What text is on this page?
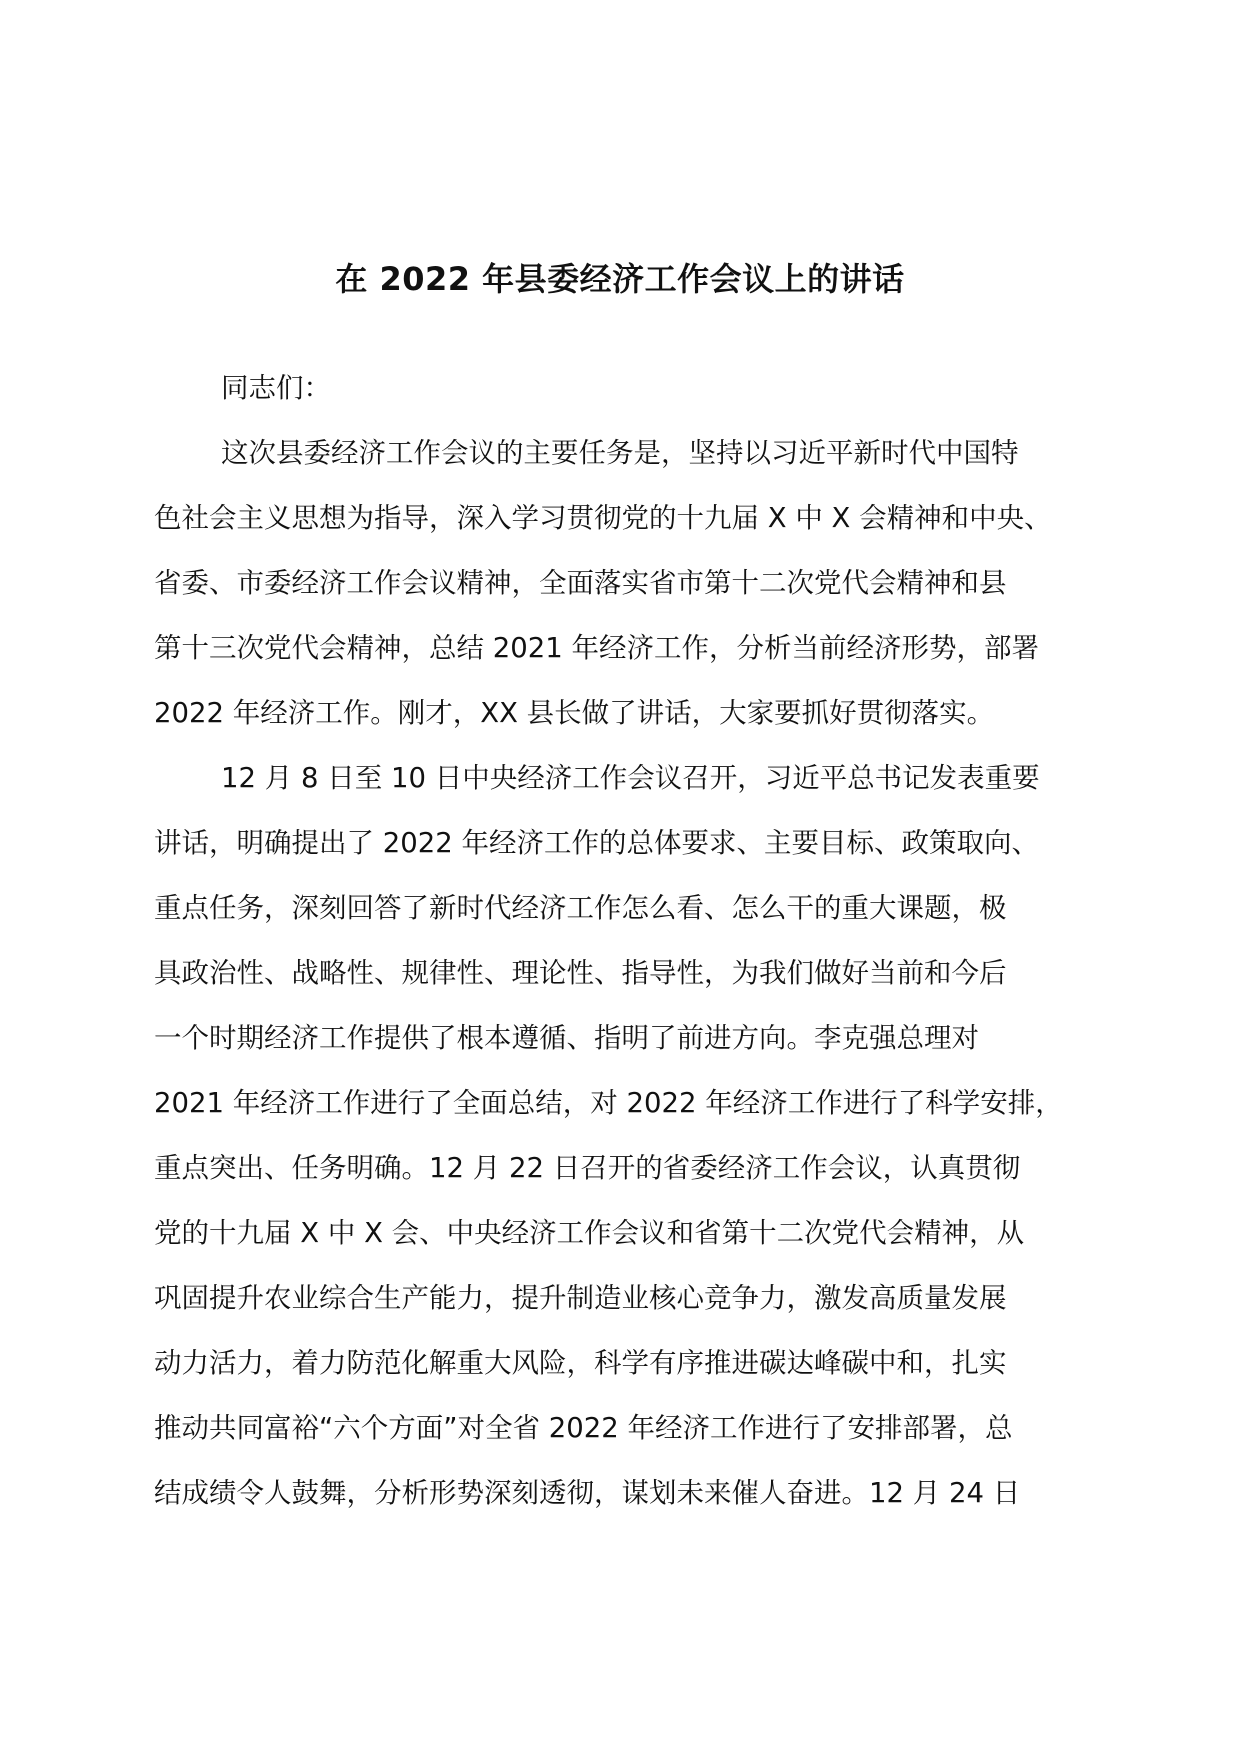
在 2022 年县委经济工作会议上的讲话
同志们：
这次县委经济工作会议的主要任务是，坚持以习近平新时代中国特
色社会主义思想为指导，深入学习贯彻党的十九届 X 中 X 会精神和中央、
省委、市委经济工作会议精神，全面落实省市第十二次党代会精神和县
第十三次党代会精神，总结 2021 年经济工作，分析当前经济形势，部署
2022 年经济工作。刚才，XX 县长做了讲话，大家要抓好贯彻落实。
12 月 8 日至 10 日中央经济工作会议召开，习近平总书记发表重要
讲话，明确提出了 2022 年经济工作的总体要求、主要目标、政策取向、
重点任务，深刻回答了新时代经济工作怎么看、怎么干的重大课题，极
具政治性、战略性、规律性、理论性、指导性，为我们做好当前和今后
一个时期经济工作提供了根本遵循、指明了前进方向。李克强总理对
2021 年经济工作进行了全面总结，对 2022 年经济工作进行了科学安排，
重点突出、任务明确。12 月 22 日召开的省委经济工作会议，认真贯彻
党的十九届 X 中 X 会、中央经济工作会议和省第十二次党代会精神，从
巩固提升农业综合生产能力，提升制造业核心竞争力，激发高质量发展
动力活力，着力防范化解重大风险，科学有序推进碳达峰碳中和，扎实
推动共同富裕“六个方面”对全省 2022 年经济工作进行了安排部署，总
结成绩令人鼓舞，分析形势深刻透彻，谋划未来催人奋进。12 月 24 日
